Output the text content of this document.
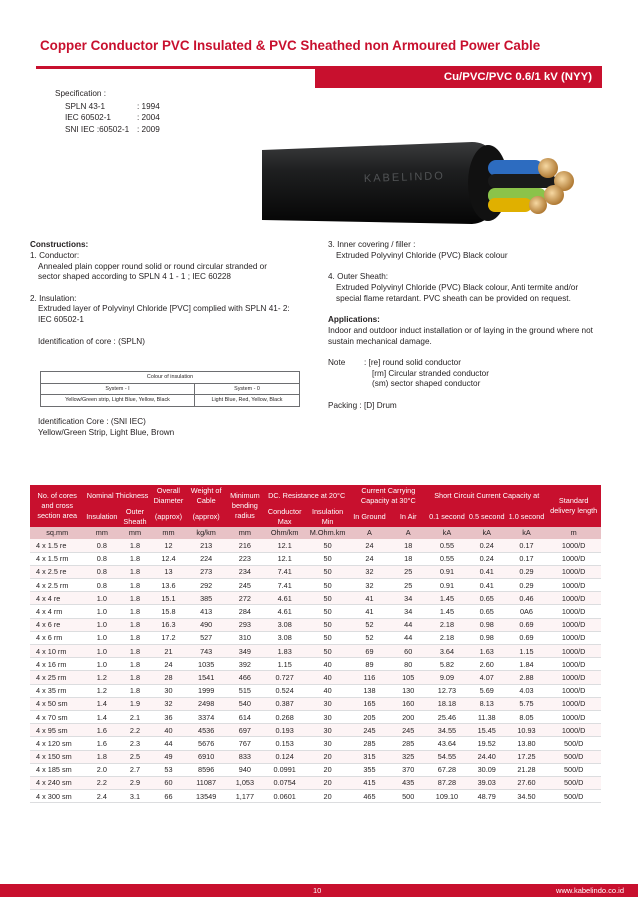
Copper Conductor PVC Insulated & PVC Sheathed non Armoured Power Cable
Cu/PVC/PVC 0.6/1 kV (NYY)
Specification :
SPLN 43-1	: 1994
IEC 60502-1	: 2004
SNI IEC :60502-1 : 2009
KABELINDO
Constructions:
1. Conductor:
Annealed plain copper round solid or round circular stranded or
sector shaped according to SPLN 4 1 - 1 ; IEC 60228
2. Insulation:
Extruded layer of Polyvinyl Chloride [PVC] complied with SPLN 41- 2:
IEC 60502-1
Identification of core : (SPLN)
Colour of insulation	
System - I	System - 0
Yellow/Green strip, Light Blue, Yellow, Black	Light Blue, Red, Yellow, Black
Identification Core : (SNI IEC)
Yellow/Green Strip, Light Blue, Brown
3. Inner covering / filler :
Extruded Polyvinyl Chloride (PVC) Black colour
4. Outer Sheath:
Extruded Polyvinyl Chloride (PVC) Black colour, Anti termite and/or
special flame retardant. PVC sheath can be provided on request.
Applications:
Indoor and outdoor induct installation or of laying in the ground where not
sustain mechanical damage.
Note	: [re] round solid conductor
[rm] Circular stranded conductor
(sm) sector shaped conductor
Packing : [D] Drum
No. of cores and cross section area	Nominal Thickness		Overall Diameter	Weight of Cable	Minimum bending radius	DC. Resistance at 20°C		Current Carrying Capacity at 30°C		Short Circuit Current Capacity at			Standard delivery length
	Insulation	Outer Sheath	(approx)	(approx)		Conductor Max	Insulation Min	In Ground	In Air	0.1 second	0.5 second	1.0 second	
sq.mm	mm	mm	mm	kg/km	mm	Ohm/km	M.Ohm.km	A	A	kA	kA	kA	m
4 x 1.5 re	0.8	1.8	12	213	216	12.1	50	24	18	0.55	0.24	0.17	1000/D
4 x 1.5 rm	0.8	1.8	12.4	224	223	12.1	50	24	18	0.55	0.24	0.17	1000/D
4 x 2.5 re	0.8	1.8	13	273	234	7.41	50	32	25	0.91	0.41	0.29	1000/D
4 x 2.5 rm	0.8	1.8	13.6	292	245	7.41	50	32	25	0.91	0.41	0.29	1000/D
4 x 4 re	1.0	1.8	15.1	385	272	4.61	50	41	34	1.45	0.65	0.46	1000/D
4 x 4 rm	1.0	1.8	15.8	413	284	4.61	50	41	34	1.45	0.65	0A6	1000/D
4 x 6 re	1.0	1.8	16.3	490	293	3.08	50	52	44	2.18	0.98	0.69	1000/D
4 x 6 rm	1.0	1.8	17.2	527	310	3.08	50	52	44	2.18	0.98	0.69	1000/D
4 x 10 rm	1.0	1.8	21	743	349	1.83	50	69	60	3.64	1.63	1.15	1000/D
4 x 16 rm	1.0	1.8	24	1035	392	1.15	40	89	80	5.82	2.60	1.84	1000/D
4 x 25 rm	1.2	1.8	28	1541	466	0.727	40	116	105	9.09	4.07	2.88	1000/D
4 x 35 rm	1.2	1.8	30	1999	515	0.524	40	138	130	12.73	5.69	4.03	1000/D
4 x 50 sm	1.4	1.9	32	2498	540	0.387	30	165	160	18.18	8.13	5.75	1000/D
4 x 70 sm	1.4	2.1	36	3374	614	0.268	30	205	200	25.46	11.38	8.05	1000/D
4 x 95 sm	1.6	2.2	40	4536	697	0.193	30	245	245	34.55	15.45	10.93	1000/D
4 x 120 sm	1.6	2.3	44	5676	767	0.153	30	285	285	43.64	19.52	13.80	500/D
4 x 150 sm	1.8	2.5	49	6910	833	0.124	20	315	325	54.55	24.40	17.25	500/D
4 x 185 sm	2.0	2.7	53	8596	940	0.0991	20	355	370	67.28	30.09	21.28	500/D
4 x 240 sm	2.2	2.9	60	11087	1,053	0.0754	20	415	435	87.28	39.03	27.60	500/D
4 x 300 sm	2.4	3.1	66	13549	1,177	0.0601	20	465	500	109.10	48.79	34.50	500/D
10	www.kabelindo.co.id
